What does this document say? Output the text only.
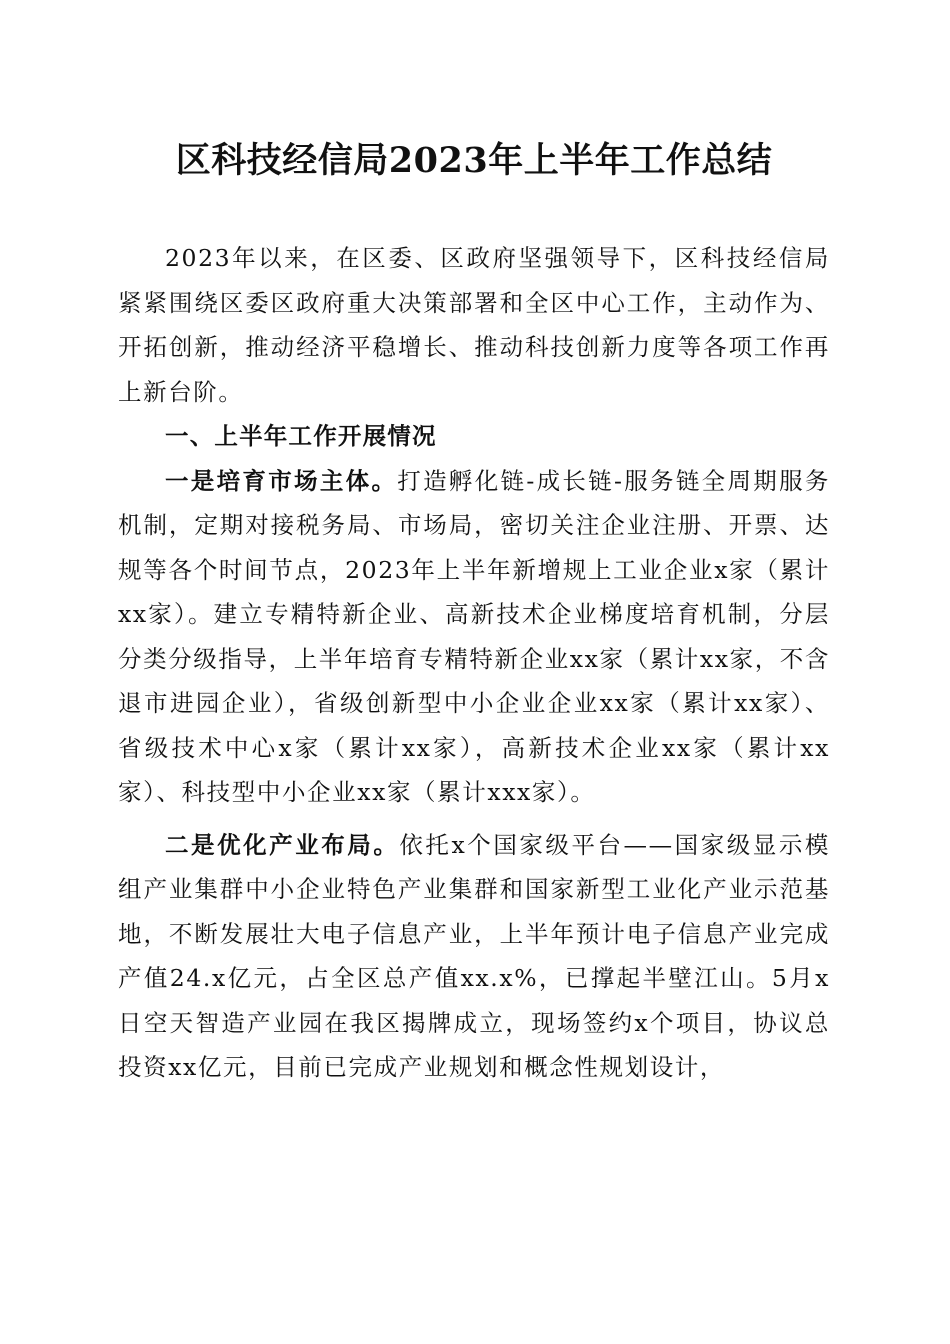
区科技经信局2023年上半年工作总结

2023年以来，在区委、区政府坚强领导下，区科技经信局紧紧围绕区委区政府重大决策部署和全区中心工作，主动作为、开拓创新，推动经济平稳增长、推动科技创新力度等各项工作再上新台阶。

一、上半年工作开展情况

一是培育市场主体。打造孵化链-成长链-服务链全周期服务机制，定期对接税务局、市场局，密切关注企业注册、开票、达规等各个时间节点，2023年上半年新增规上工业企业x家（累计xx家）。建立专精特新企业、高新技术企业梯度培育机制，分层分类分级指导，上半年培育专精特新企业xx家（累计xx家，不含退市进园企业），省级创新型中小企业企业xx家（累计xx家）、省级技术中心x家（累计xx家），高新技术企业xx家（累计xx家）、科技型中小企业xx家（累计xxx家）。

二是优化产业布局。依托x个国家级平台——国家级显示模组产业集群中小企业特色产业集群和国家新型工业化产业示范基地，不断发展壮大电子信息产业，上半年预计电子信息产业完成产值24.x亿元，占全区总产值xx.x%，已撑起半壁江山。5月x日空天智造产业园在我区揭牌成立，现场签约x个项目，协议总投资xx亿元，目前已完成产业规划和概念性规划设计，
